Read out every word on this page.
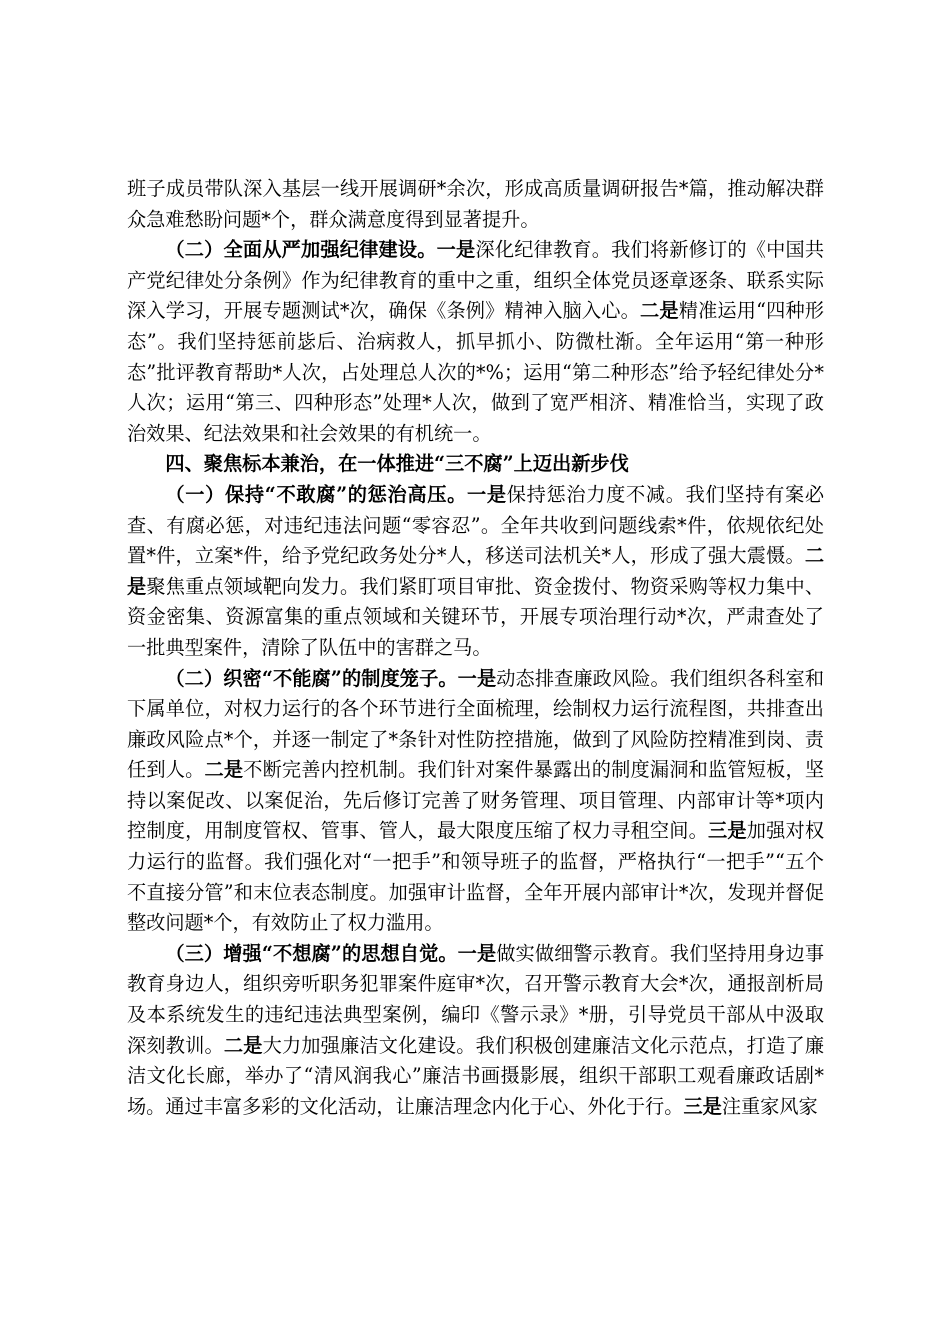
班子成员带队深入基层一线开展调研*余次，形成高质量调研报告*篇，推动解决群众急难愁盼问题*个，群众满意度得到显著提升。

（二）全面从严加强纪律建设。一是深化纪律教育。我们将新修订的《中国共产党纪律处分条例》作为纪律教育的重中之重，组织全体党员逐章逐条、联系实际深入学习，开展专题测试*次，确保《条例》精神入脑入心。二是精准运用“四种形态”。我们坚持惩前毖后、治病救人，抓早抓小、防微杜渐。全年运用“第一种形态”批评教育帮助*人次，占处理总人次的*%；运用“第二种形态”给予轻纪律处分*人次；运用“第三、四种形态”处理*人次，做到了宽严相济、精准恰当，实现了政治效果、纪法效果和社会效果的有机统一。

四、聚焦标本兼治，在一体推进“三不腐”上迈出新步伐

（一）保持“不敢腐”的惩治高压。一是保持惩治力度不减。我们坚持有案必查、有腐必惩，对违纪违法问题“零容忍”。全年共收到问题线索*件，依规依纪处置*件，立案*件，给予党纪政务处分*人，移送司法机关*人，形成了强大震慑。二是聚焦重点领域靶向发力。我们紧盯项目审批、资金拨付、物资采购等权力集中、资金密集、资源富集的重点领域和关键环节，开展专项治理行动*次，严肃查处了一批典型案件，清除了队伍中的害群之马。

（二）织密“不能腐”的制度笼子。一是动态排查廉政风险。我们组织各科室和下属单位，对权力运行的各个环节进行全面梳理，绘制权力运行流程图，共排查出廉政风险点*个，并逐一制定了*条针对性防控措施，做到了风险防控精准到岗、责任到人。二是不断完善内控机制。我们针对案件暴露出的制度漏洞和监管短板，坚持以案促改、以案促治，先后修订完善了财务管理、项目管理、内部审计等*项内控制度，用制度管权、管事、管人，最大限度压缩了权力寻租空间。三是加强对权力运行的监督。我们强化对“一把手”和领导班子的监督，严格执行“一把手”“五个不直接分管”和末位表态制度。加强审计监督，全年开展内部审计*次，发现并督促整改问题*个，有效防止了权力滥用。

（三）增强“不想腐”的思想自觉。一是做实做细警示教育。我们坚持用身边事教育身边人，组织旁听职务犯罪案件庭审*次，召开警示教育大会*次，通报剖析局及本系统发生的违纪违法典型案例，编印《警示录》*册，引导党员干部从中汲取深刻教训。二是大力加强廉洁文化建设。我们积极创建廉洁文化示范点，打造了廉洁文化长廊，举办了“清风润我心”廉洁书画摄影展，组织干部职工观看廉政话剧*场。通过丰富多彩的文化活动，让廉洁理念内化于心、外化于行。三是注重家风家
